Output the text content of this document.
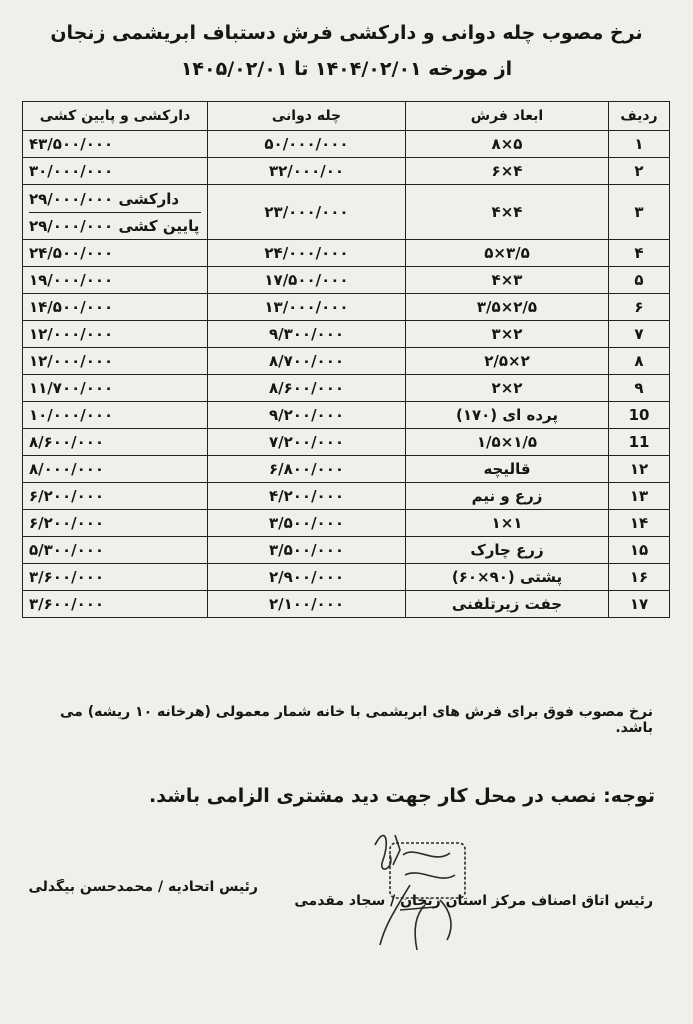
نرخ مصوب چله دوانی و دارکشی فرش دستباف ابریشمی زنجان
از مورخه ۱۴۰۴/۰۲/۰۱ تا ۱۴۰۵/۰۲/۰۱
ردیف	ابعاد فرش	چله دوانی	دارکشی و پایین کشی
۱	۵×۸	۵۰/۰۰۰/۰۰۰	۴۳/۵۰۰/۰۰۰
۲	۴×۶	۳۲/۰۰۰/۰۰	۳۰/۰۰۰/۰۰۰
۳	۴×۴	۲۳/۰۰۰/۰۰۰	دارکشی ۲۹/۰۰۰/۰۰۰
پایین کشی ۲۹/۰۰۰/۰۰۰

۴	۳/۵×۵	۲۴/۰۰۰/۰۰۰	۲۴/۵۰۰/۰۰۰
۵	۳×۴	۱۷/۵۰۰/۰۰۰	۱۹/۰۰۰/۰۰۰
۶	۲/۵×۳/۵	۱۳/۰۰۰/۰۰۰	۱۴/۵۰۰/۰۰۰
۷	۲×۳	۹/۳۰۰/۰۰۰	۱۲/۰۰۰/۰۰۰
۸	۲×۲/۵	۸/۷۰۰/۰۰۰	۱۲/۰۰۰/۰۰۰
۹	۲×۲	۸/۶۰۰/۰۰۰	۱۱/۷۰۰/۰۰۰
10	پرده ای (۱۷۰)	۹/۲۰۰/۰۰۰	۱۰/۰۰۰/۰۰۰
11	۱/۵×۱/۵	۷/۲۰۰/۰۰۰	۸/۶۰۰/۰۰۰
۱۲	قالیچه	۶/۸۰۰/۰۰۰	۸/۰۰۰/۰۰۰
۱۳	زرع و نیم	۴/۲۰۰/۰۰۰	۶/۲۰۰/۰۰۰
۱۴	۱×۱	۳/۵۰۰/۰۰۰	۶/۲۰۰/۰۰۰
۱۵	زرع چارک	۳/۵۰۰/۰۰۰	۵/۳۰۰/۰۰۰
۱۶	پشتی (۹۰×۶۰)	۲/۹۰۰/۰۰۰	۳/۶۰۰/۰۰۰
۱۷	جفت زیرتلفنی	۲/۱۰۰/۰۰۰	۳/۶۰۰/۰۰۰
نرخ مصوب فوق برای فرش های ابریشمی با خانه شمار معمولی (هرخانه ۱۰ ریشه) می باشد.
توجه: نصب در محل کار جهت دید مشتری الزامی باشد.
رئیس اتاق اصناف مرکز استان زنجان / سجاد مقدمی
رئیس اتحادیه / محمدحسن بیگدلی
